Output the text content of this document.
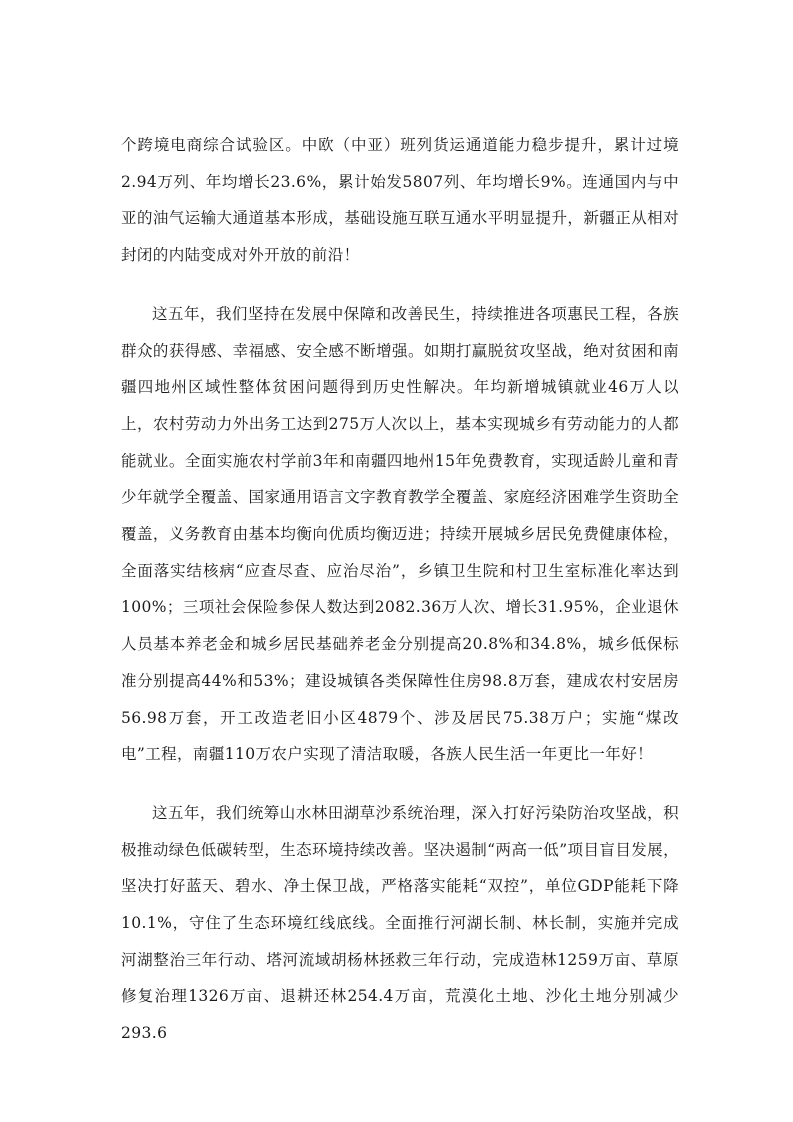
个跨境电商综合试验区。中欧（中亚）班列货运通道能力稳步提升，累计过境2.94万列、年均增长23.6%，累计始发5807列、年均增长9%。连通国内与中亚的油气运输大通道基本形成，基础设施互联互通水平明显提升，新疆正从相对封闭的内陆变成对外开放的前沿！

这五年，我们坚持在发展中保障和改善民生，持续推进各项惠民工程，各族群众的获得感、幸福感、安全感不断增强。如期打赢脱贫攻坚战，绝对贫困和南疆四地州区域性整体贫困问题得到历史性解决。年均新增城镇就业46万人以上，农村劳动力外出务工达到275万人次以上，基本实现城乡有劳动能力的人都能就业。全面实施农村学前3年和南疆四地州15年免费教育，实现适龄儿童和青少年就学全覆盖、国家通用语言文字教育教学全覆盖、家庭经济困难学生资助全覆盖，义务教育由基本均衡向优质均衡迈进；持续开展城乡居民免费健康体检，全面落实结核病“应查尽查、应治尽治”，乡镇卫生院和村卫生室标准化率达到100%；三项社会保险参保人数达到2082.36万人次、增长31.95%，企业退休人员基本养老金和城乡居民基础养老金分别提高20.8%和34.8%，城乡低保标准分别提高44%和53%；建设城镇各类保障性住房98.8万套，建成农村安居房56.98万套，开工改造老旧小区4879个、涉及居民75.38万户；实施“煤改电”工程，南疆110万农户实现了清洁取暖，各族人民生活一年更比一年好！

这五年，我们统筹山水林田湖草沙系统治理，深入打好污染防治攻坚战，积极推动绿色低碳转型，生态环境持续改善。坚决遏制“两高一低”项目盲目发展，坚决打好蓝天、碧水、净土保卫战，严格落实能耗“双控”，单位GDP能耗下降10.1%，守住了生态环境红线底线。全面推行河湖长制、林长制，实施并完成河湖整治三年行动、塔河流域胡杨林拯救三年行动，完成造林1259万亩、草原修复治理1326万亩、退耕还林254.4万亩，荒漠化土地、沙化土地分别减少293.6
